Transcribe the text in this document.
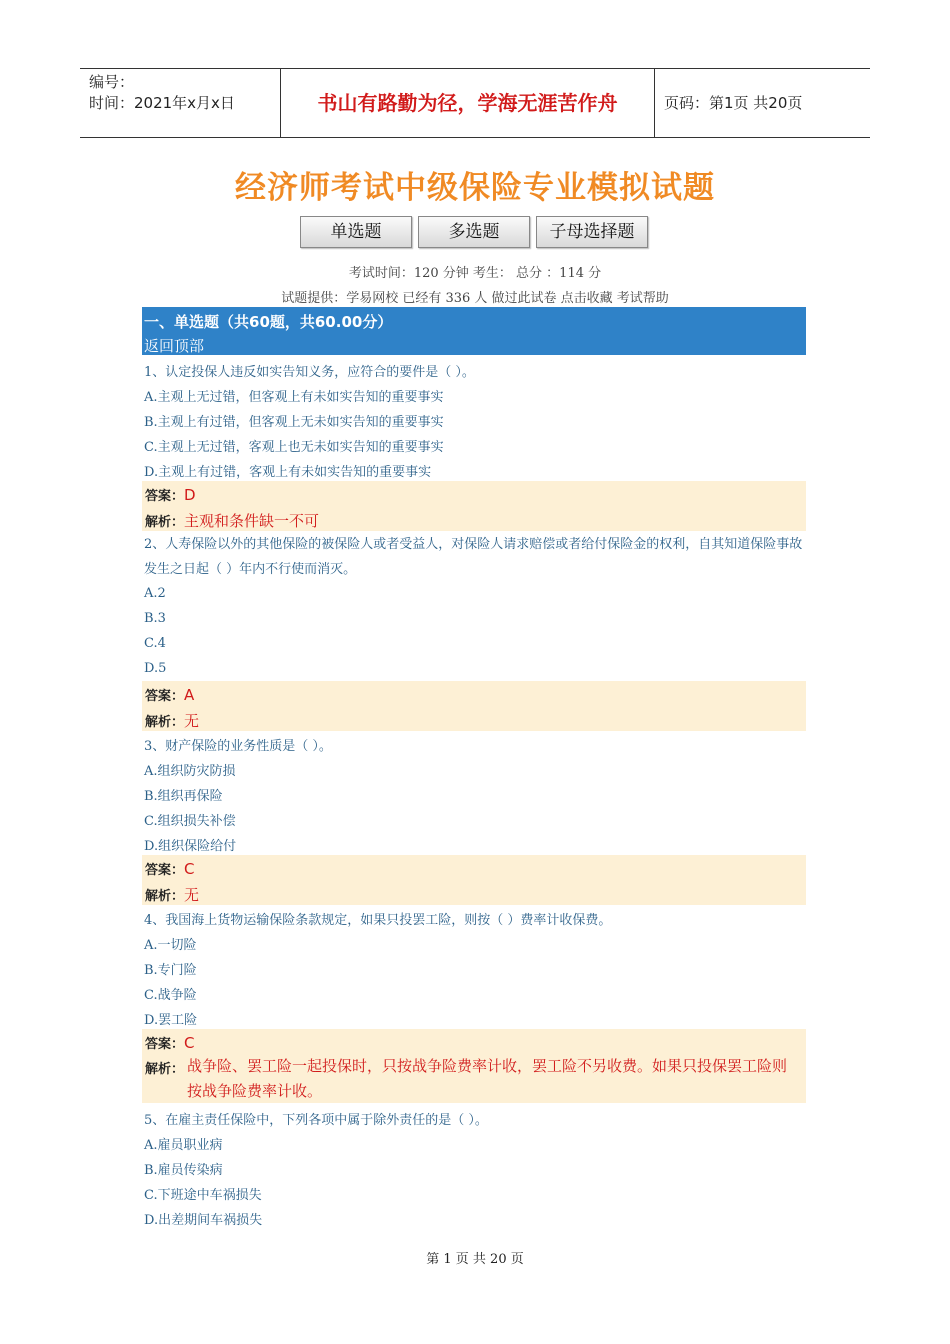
编号：
时间：2021年x月x日	书山有路勤为径，学海无涯苦作舟	页码：第1页 共20页
经济师考试中级保险专业模拟试题
单选题	多选题	子母选择题
考试时间：120 分钟 考生： 总分 ：114 分
试题提供：学易网校 已经有 336 人 做过此试卷 点击收藏 考试帮助
一、单选题（共60题，共60.00分）
返回顶部
1、认定投保人违反如实告知义务，应符合的要件是（ ）。
A.主观上无过错，但客观上有未如实告知的重要事实
B.主观上有过错，但客观上无未如实告知的重要事实
C.主观上无过错，客观上也无未如实告知的重要事实
D.主观上有过错，客观上有未如实告知的重要事实
答案：D
解析：主观和条件缺一不可
2、人寿保险以外的其他保险的被保险人或者受益人，对保险人请求赔偿或者给付保险金的权利，自其知道保险事故发生之日起（ ）年内不行使而消灭。
A.2
B.3
C.4
D.5
答案：A
解析：无
3、财产保险的业务性质是（ ）。
A.组织防灾防损
B.组织再保险
C.组织损失补偿
D.组织保险给付
答案：C
解析：无
4、我国海上货物运输保险条款规定，如果只投罢工险，则按（ ）费率计收保费。
A.一切险
B.专门险
C.战争险
D.罢工险
答案：C
解析： 战争险、罢工险一起投保时，只按战争险费率计收，罢工险不另收费。如果只投保罢工险则按战争险费率计收。
5、在雇主责任保险中，下列各项中属于除外责任的是（ ）。
A.雇员职业病
B.雇员传染病
C.下班途中车祸损失
D.出差期间车祸损失
第 1 页 共 20 页
